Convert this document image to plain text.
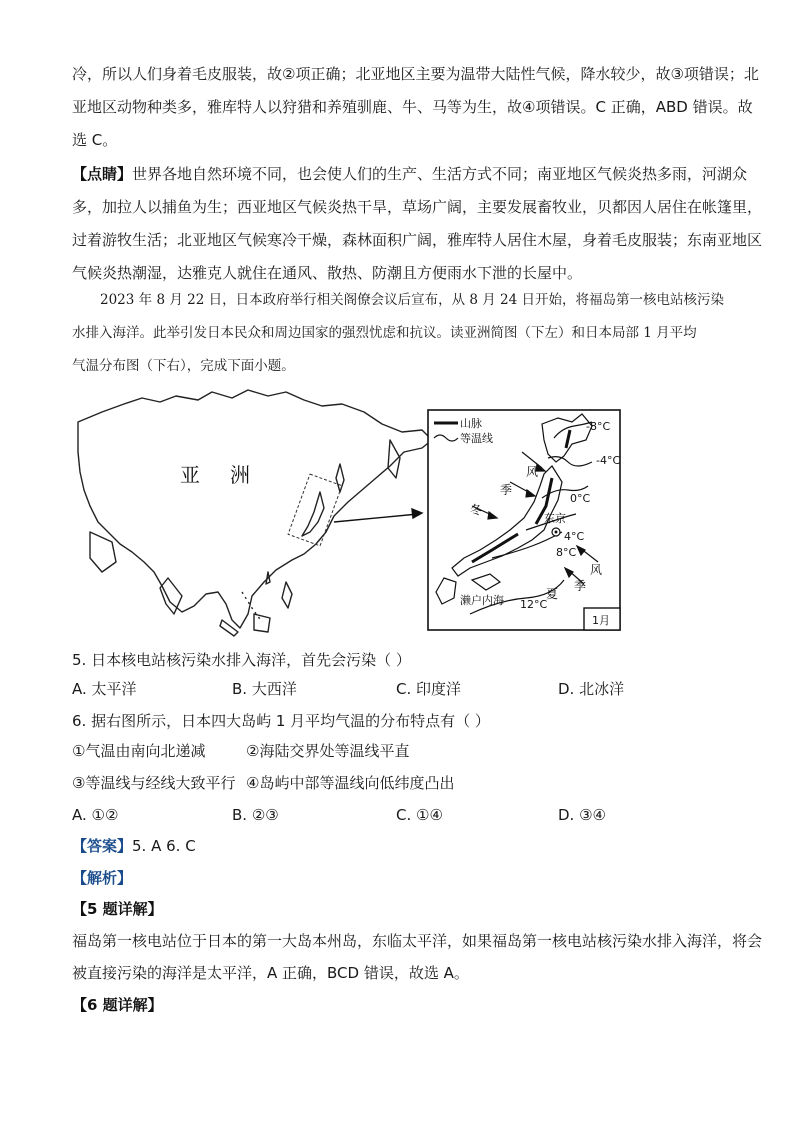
冷，所以人们身着毛皮服装，故②项正确；北亚地区主要为温带大陆性气候，降水较少，故③项错误；北
亚地区动物种类多，雅库特人以狩猎和养殖驯鹿、牛、马等为生，故④项错误。C 正确，ABD 错误。故
选 C。
【点睛】世界各地自然环境不同，也会使人们的生产、生活方式不同；南亚地区气候炎热多雨，河湖众
多，加拉人以捕鱼为生；西亚地区气候炎热干旱，草场广阔，主要发展畜牧业，贝都因人居住在帐篷里，
过着游牧生活；北亚地区气候寒冷干燥，森林面积广阔，雅库特人居住木屋，身着毛皮服装；东南亚地区
气候炎热潮湿，达雅克人就住在通风、散热、防潮且方便雨水下泄的长屋中。
2023 年 8 月 22 日，日本政府举行相关阁僚会议后宣布，从 8 月 24 日开始，将福岛第一核电站核污染
水排入海洋。此举引发日本民众和周边国家的强烈忧虑和抗议。读亚洲简图（下左）和日本局部 1 月平均
气温分布图（下右），完成下面小题。
亚 洲
山脉
等温线
-8°C
-4°C
0°C
东京
4°C
8°C
12°C
风
季
冬
风
季
夏
濑户内海
1月
5. 日本核电站核污染水排入海洋，首先会污染（ ）
A. 太平洋	B. 大西洋	C. 印度洋	D. 北冰洋
6. 据右图所示，日本四大岛屿 1 月平均气温的分布特点有（ ）
①气温由南向北递减	②海陆交界处等温线平直
③等温线与经线大致平行 ④岛屿中部等温线向低纬度凸出
A. ①②	B. ②③	C. ①④	D. ③④
【答案】5. A 6. C
【解析】
【5 题详解】
福岛第一核电站位于日本的第一大岛本州岛，东临太平洋，如果福岛第一核电站核污染水排入海洋，将会
被直接污染的海洋是太平洋，A 正确，BCD 错误，故选 A。
【6 题详解】
